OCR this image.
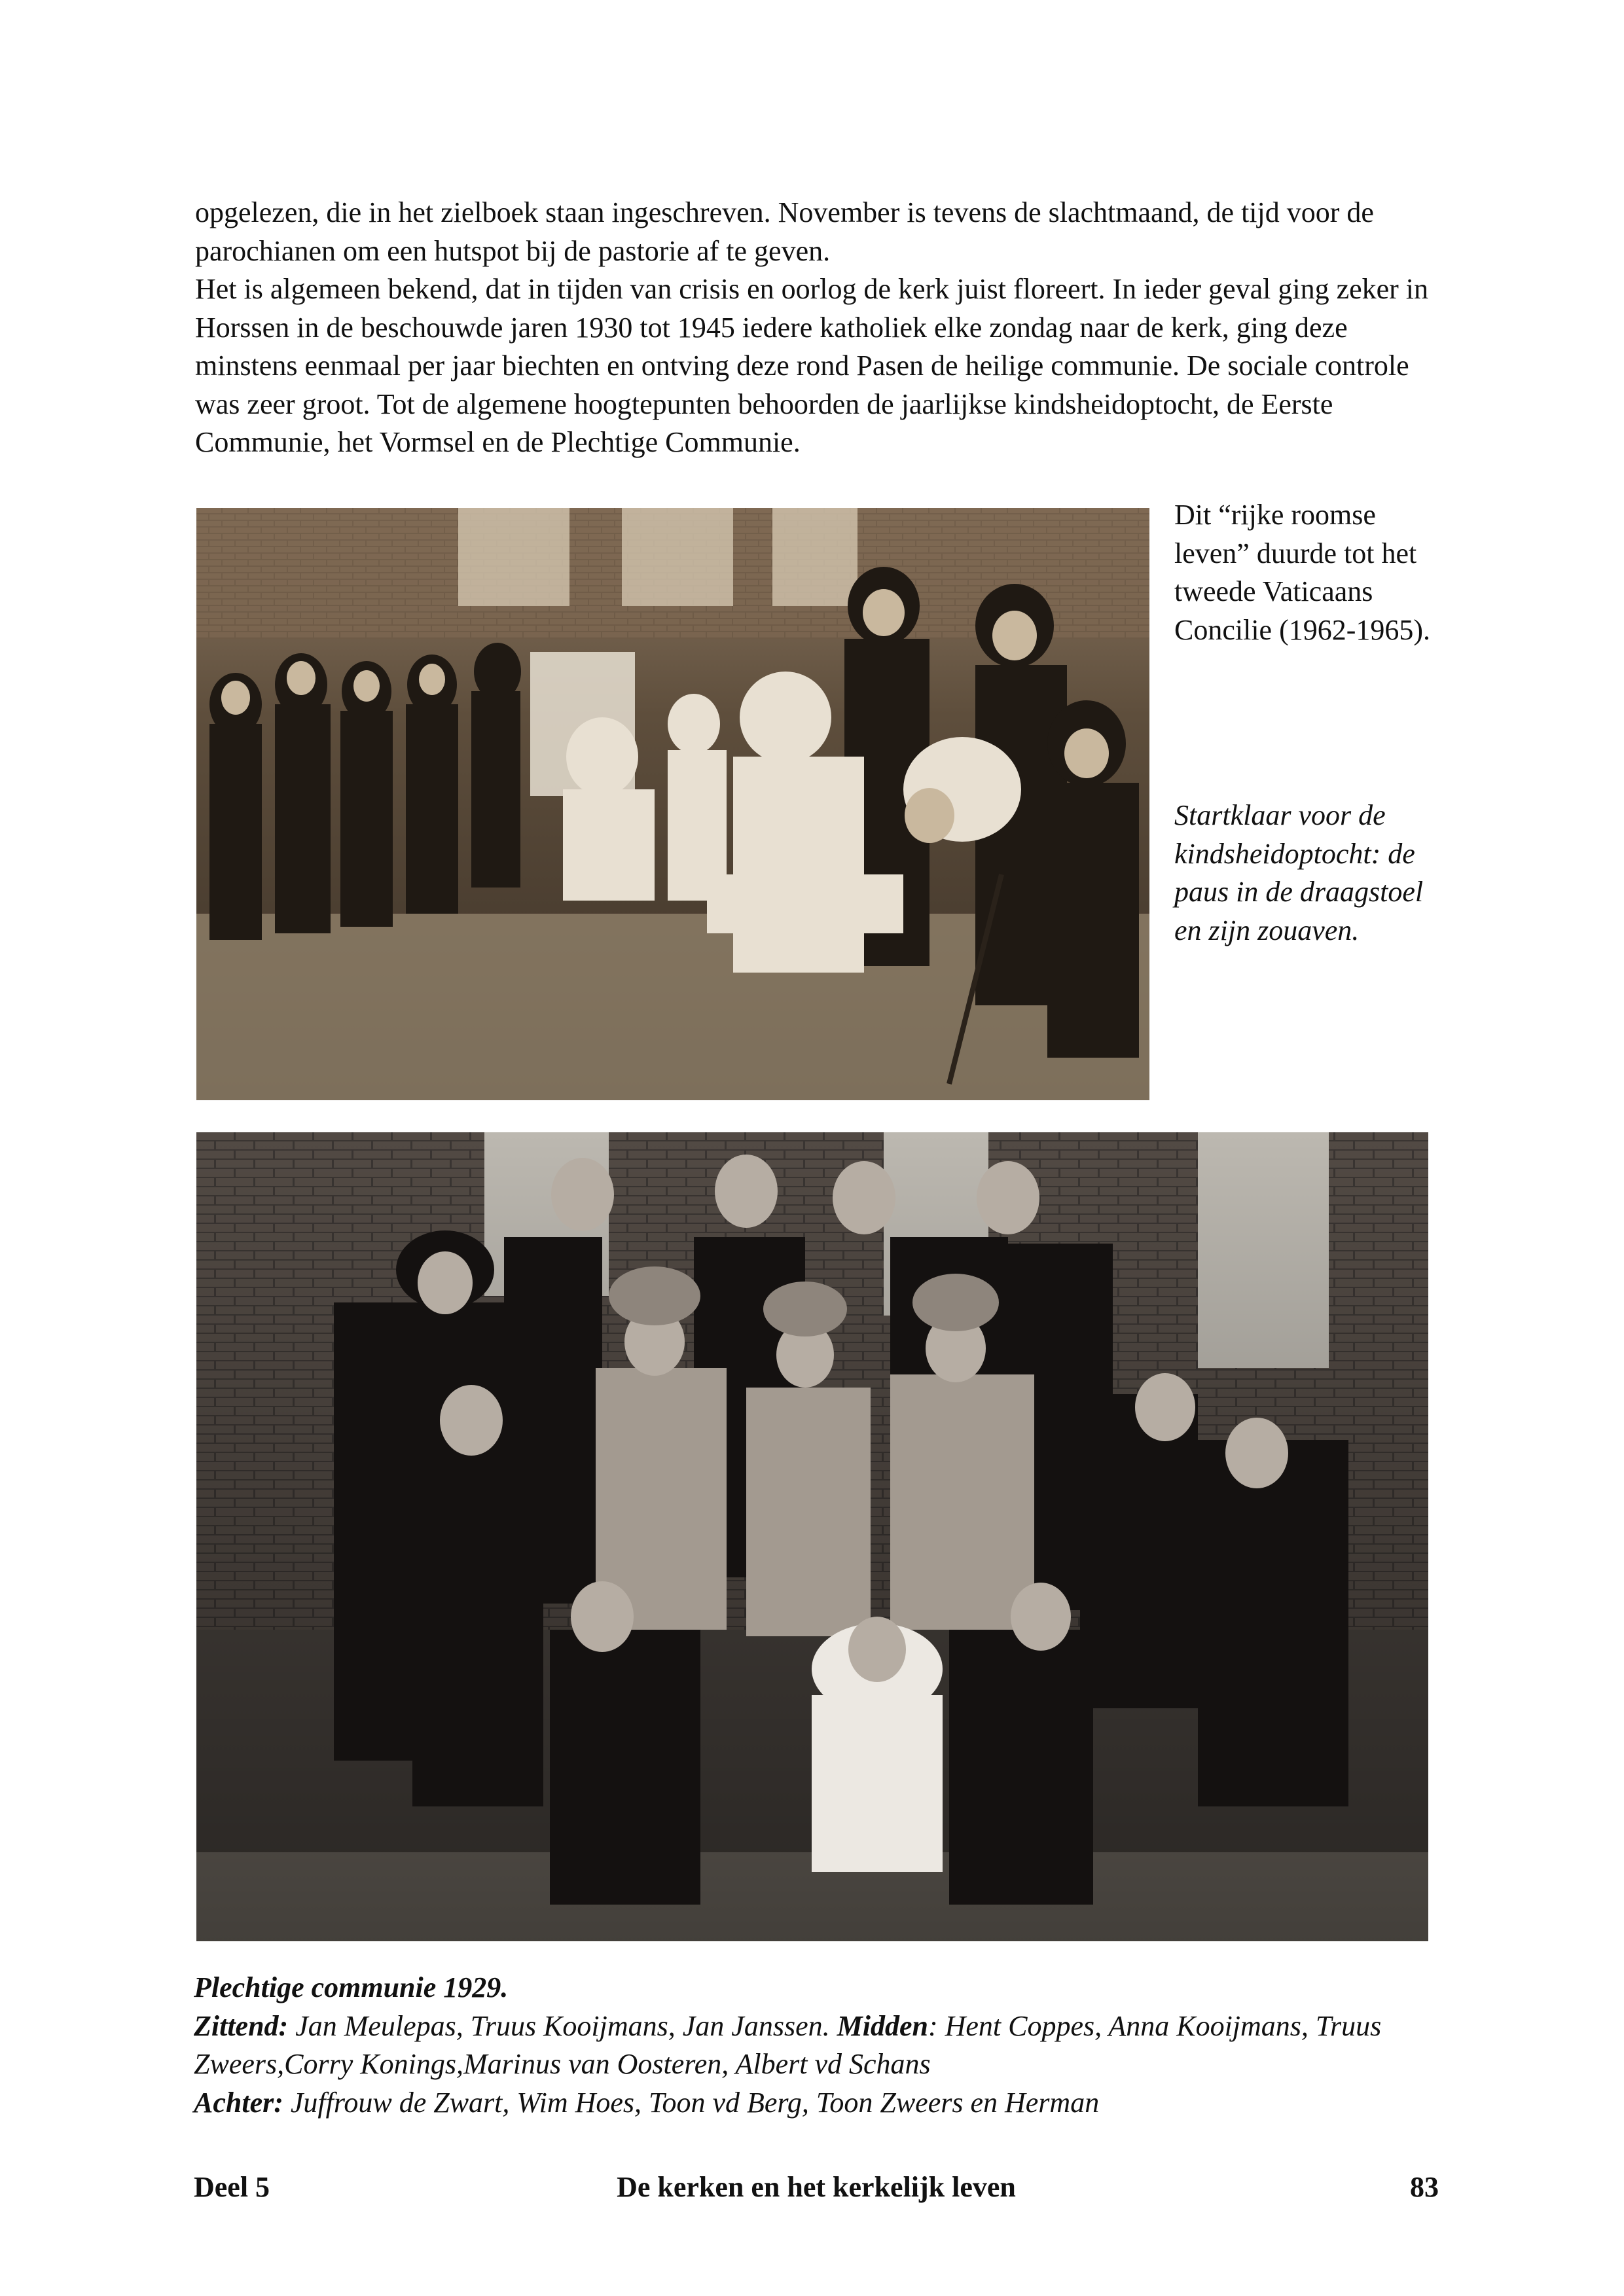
opgelezen, die in het zielboek staan ingeschreven. November is tevens de slachtmaand, de tijd voor de parochianen om een hutspot bij de pastorie af te geven.

Het is algemeen bekend, dat in tijden van crisis en oorlog de kerk juist floreert. In ieder geval ging zeker in Horssen in de beschouwde jaren 1930 tot 1945 iedere katholiek elke zondag naar de kerk, ging deze minstens eenmaal per jaar biechten en ontving deze rond Pasen de heilige communie. De sociale controle was zeer groot. Tot de algemene hoogtepunten behoorden de jaarlijkse kindsheidoptocht, de Eerste Communie, het Vormsel en de Plechtige Communie.

Dit “rijke roomse leven” duurde tot het tweede Vaticaans Concilie (1962-1965).

Startklaar voor de kindsheidoptocht: de paus in de draagstoel en zijn zouaven.

Plechtige communie 1929.

Zittend: Jan Meulepas, Truus Kooijmans, Jan Janssen. Midden: Hent Coppes, Anna Kooijmans, Truus Zweers,Corry Konings,Marinus van Oosteren, Albert vd Schans

Achter: Juffrouw de Zwart, Wim Hoes, Toon vd Berg, Toon Zweers en Herman

Deel 5	De kerken en het kerkelijk leven	83
